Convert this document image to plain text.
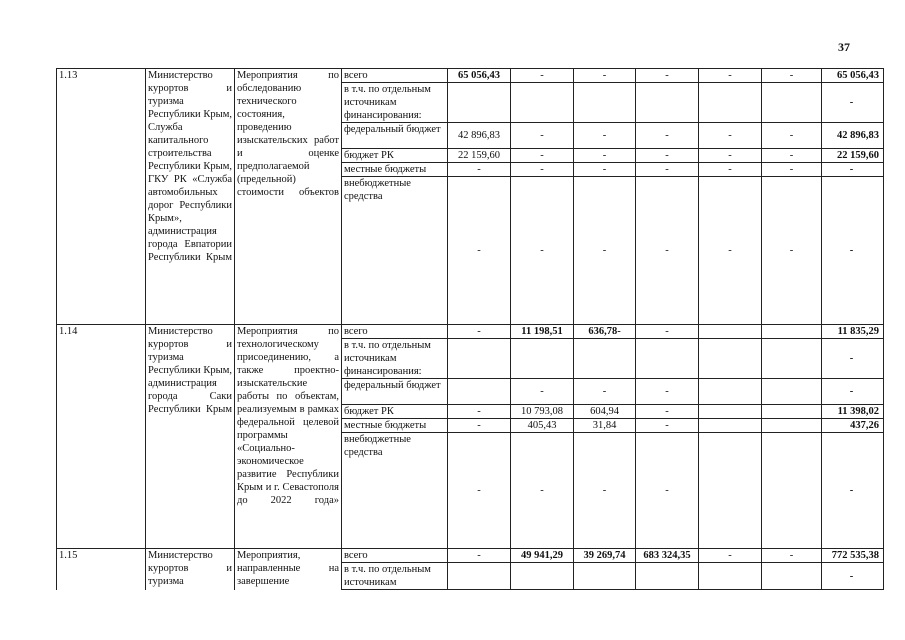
37
1.13	Министерство курортов и туризма Республики Крым, Служба капитального строительства Республики Крым, ГКУ РК «Служба автомобильных дорог Республики Крым», администрация города Евпатории Республики Крым	Мероприятия по обследованию технического состояния, проведению изыскательских работ и оценке предполагаемой (предельной) стоимости объектов	всего	65 056,43	-	-	-	-	-	65 056,43
			в т.ч. по отдельным источникам финансирования:							-
			федеральный бюджет	42 896,83	-	-	-	-	-	42 896,83
			бюджет РК	22 159,60	-	-	-	-	-	22 159,60
			местные бюджеты	-	-	-	-	-	-	-
			внебюджетные средства	-	-	-	-	-	-	-
1.14	Министерство курортов и туризма Республики Крым, администрация города Саки Республики Крым	Мероприятия по технологическому присоединению, а также проектно-изыскательские работы по объектам, реализуемым в рамках федеральной целевой программы «Социально-экономическое развитие Республики Крым и г. Севастополя до 2022 года»	всего	-	11 198,51	636,78-	-			11 835,29
			в т.ч. по отдельным источникам финансирования:							-
			федеральный бюджет		-	-	-			-
			бюджет РК	-	10 793,08	604,94	-			11 398,02
			местные бюджеты	-	405,43	31,84	-			437,26
			внебюджетные средства	-	-	-	-			-
1.15	Министерство курортов и туризма	Мероприятия, направленные на завершение	всего	-	49 941,29	39 269,74	683 324,35	-	-	772 535,38
			в т.ч. по отдельным источникам							-
